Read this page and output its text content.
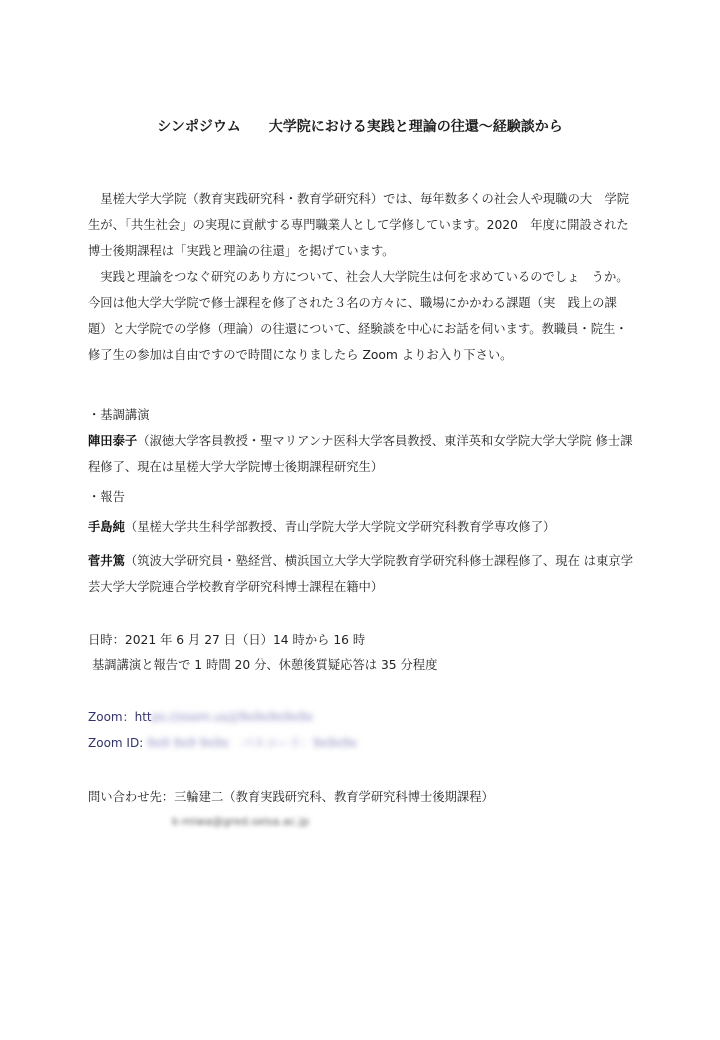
シンポジウム　　大学院における実践と理論の往還～経験談から

星槎大学大学院（教育実践研究科・教育学研究科）では、毎年数多くの社会人や現職の大　学院生が、「共生社会」の実現に貢献する専門職業人として学修しています。2020　年度に開設された博士後期課程は「実践と理論の往還」を掲げています。

実践と理論をつなぐ研究のあり方について、社会人大学院生は何を求めているのでしょ　うか。今回は他大学大学院で修士課程を修了された３名の方々に、職場にかかわる課題（実　践上の課題）と大学院での学修（理論）の往還について、経験談を中心にお話を伺います。教職員・院生・修了生の参加は自由ですので時間になりましたら Zoom よりお入り下さい。

・基調講演
陣田泰子（淑徳大学客員教授・聖マリアンナ医科大学客員教授、東洋英和女学院大学大学院 修士課程修了、現在は星槎大学大学院博士後期課程研究生）
・報告
手島純（星槎大学共生科学部教授、青山学院大学大学院文学研究科教育学専攻修了）
菅井篤（筑波大学研究員・塾経営、横浜国立大学大学院教育学研究科修士課程修了、現在 は東京学芸大学大学院連合学校教育学研究科博士課程在籍中）
日時：2021 年 6 月 27 日（日）14 時から 16 時
基調講演と報告で 1 時間 20 分、休憩後質疑応答は 35 分程度
Zoom：https://zoom.us/j/9x9x9x9x9x
Zoom ID: 9x9 9x9 9x9x　パスコード：9x9x9x
問い合わせ先：三輪建二（教育実践研究科、教育学研究科博士後期課程）
k-miwa@gred.seisa.ac.jp
